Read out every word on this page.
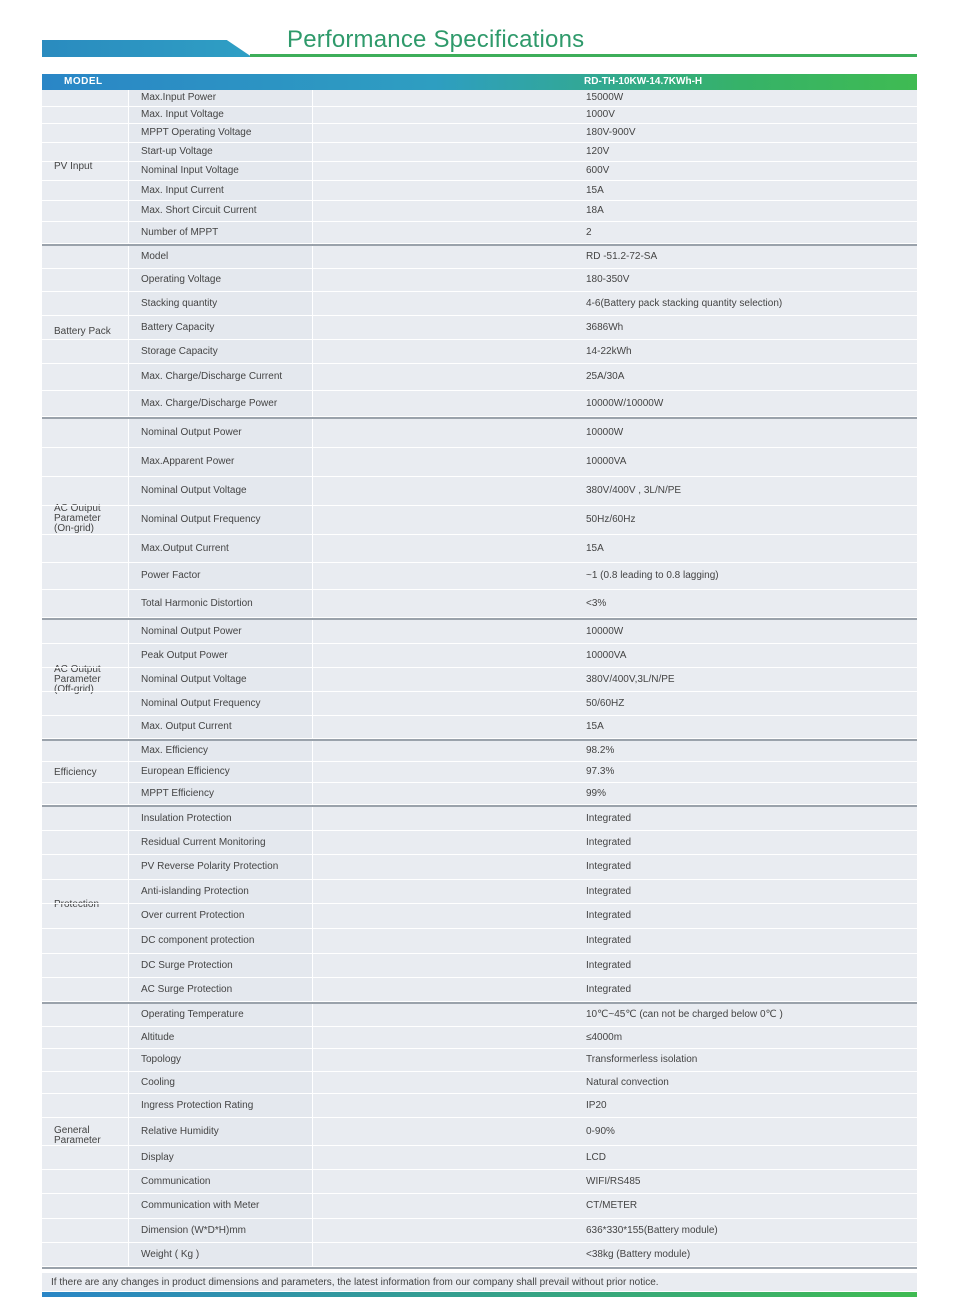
Performance Specifications
MODEL	RD-TH-10KW-14.7KWh-H
PV Input
Max.Input Power	15000W
Max. Input Voltage	1000V
MPPT Operating Voltage	180V-900V
Start-up Voltage	120V
Nominal Input Voltage	600V
Max. Input Current	15A
Max. Short Circuit Current	18A
Number of MPPT	2
Battery Pack
Model	RD -51.2-72-SA
Operating Voltage	180-350V
Stacking quantity	4-6(Battery pack stacking quantity selection)
Battery Capacity	3686Wh
Storage Capacity	14-22kWh
Max. Charge/Discharge Current	25A/30A
Max. Charge/Discharge Power	10000W/10000W
AC Output
Parameter
(On-grid)
Nominal Output Power	10000W
Max.Apparent Power	10000VA
Nominal Output Voltage	380V/400V , 3L/N/PE
Nominal Output Frequency	50Hz/60Hz
Max.Output Current	15A
Power Factor	~1 (0.8 leading to 0.8 lagging)
Total Harmonic Distortion	<3%
AC Output
Parameter
(Off-grid)
Nominal Output Power	10000W
Peak Output Power	10000VA
Nominal Output Voltage	380V/400V,3L/N/PE
Nominal Output Frequency	50/60HZ
Max. Output Current	15A
Efficiency
Max. Efficiency	98.2%
European Efficiency	97.3%
MPPT Efficiency	99%
Protection
Insulation Protection	Integrated
Residual Current Monitoring	Integrated
PV Reverse Polarity Protection	Integrated
Anti-islanding Protection	Integrated
Over current Protection	Integrated
DC component protection	Integrated
DC Surge Protection	Integrated
AC Surge Protection	Integrated
General
Parameter
Operating Temperature	10℃~45℃ (can not be charged below 0℃ )
Altitude	≤4000m
Topology	Transformerless isolation
Cooling	Natural convection
Ingress Protection Rating	IP20
Relative Humidity	0-90%
Display	LCD
Communication	WIFI/RS485
Communication with Meter	CT/METER
Dimension (W*D*H)mm	636*330*155(Battery module)
Weight ( Kg )	<38kg (Battery module)
If there are any changes in product dimensions and parameters, the latest information from our company shall prevail without prior notice.
